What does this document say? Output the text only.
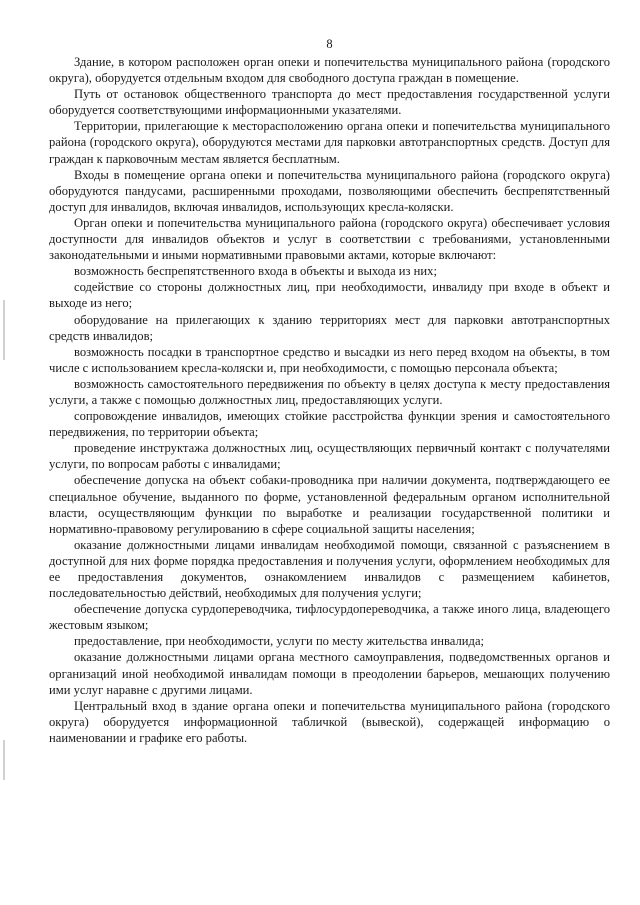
8

Здание, в котором расположен орган опеки и попечительства муниципального района (городского округа), оборудуется отдельным входом для свободного доступа граждан в помещение.

Путь от остановок общественного транспорта до мест предоставления государственной услуги оборудуется соответствующими информационными указателями.

Территории, прилегающие к месторасположению органа опеки и попечительства муниципального района (городского округа), оборудуются местами для парковки автотранспортных средств. Доступ для граждан к парковочным местам является бесплатным.

Входы в помещение органа опеки и попечительства муниципального района (городского округа) оборудуются пандусами, расширенными проходами, позволяющими обеспечить беспрепятственный доступ для инвалидов, включая инвалидов, использующих кресла-коляски.

Орган опеки и попечительства муниципального района (городского округа) обеспечивает условия доступности для инвалидов объектов и услуг в соответствии с требованиями, установленными законодательными и иными нормативными правовыми актами, которые включают:

возможность беспрепятственного входа в объекты и выхода из них;

содействие со стороны должностных лиц, при необходимости, инвалиду при входе в объект и выходе из него;

оборудование на прилегающих к зданию территориях мест для парковки автотранспортных средств инвалидов;

возможность посадки в транспортное средство и высадки из него перед входом на объекты, в том числе с использованием кресла-коляски и, при необходимости, с помощью персонала объекта;

возможность самостоятельного передвижения по объекту в целях доступа к месту предоставления услуги, а также с помощью должностных лиц, предоставляющих услуги.

сопровождение инвалидов, имеющих стойкие расстройства функции зрения и самостоятельного передвижения, по территории объекта;

проведение инструктажа должностных лиц, осуществляющих первичный контакт с получателями услуги, по вопросам работы с инвалидами;

обеспечение допуска на объект собаки-проводника при наличии документа, подтверждающего ее специальное обучение, выданного по форме, установленной федеральным органом исполнительной власти, осуществляющим функции по выработке и реализации государственной политики и нормативно-правовому регулированию в сфере социальной защиты населения;

оказание должностными лицами инвалидам необходимой помощи, связанной с разъяснением в доступной для них форме порядка предоставления и получения услуги, оформлением необходимых для ее предоставления документов, ознакомлением инвалидов с размещением кабинетов, последовательностью действий, необходимых для получения услуги;

обеспечение допуска сурдопереводчика, тифлосурдопереводчика, а также иного лица, владеющего жестовым языком;

предоставление, при необходимости, услуги по месту жительства инвалида;

оказание должностными лицами органа местного самоуправления, подведомственных органов и организаций иной необходимой инвалидам помощи в преодолении барьеров, мешающих получению ими услуг наравне с другими лицами.

Центральный вход в здание органа опеки и попечительства муниципального района (городского округа) оборудуется информационной табличкой (вывеской), содержащей информацию о наименовании и графике его работы.
